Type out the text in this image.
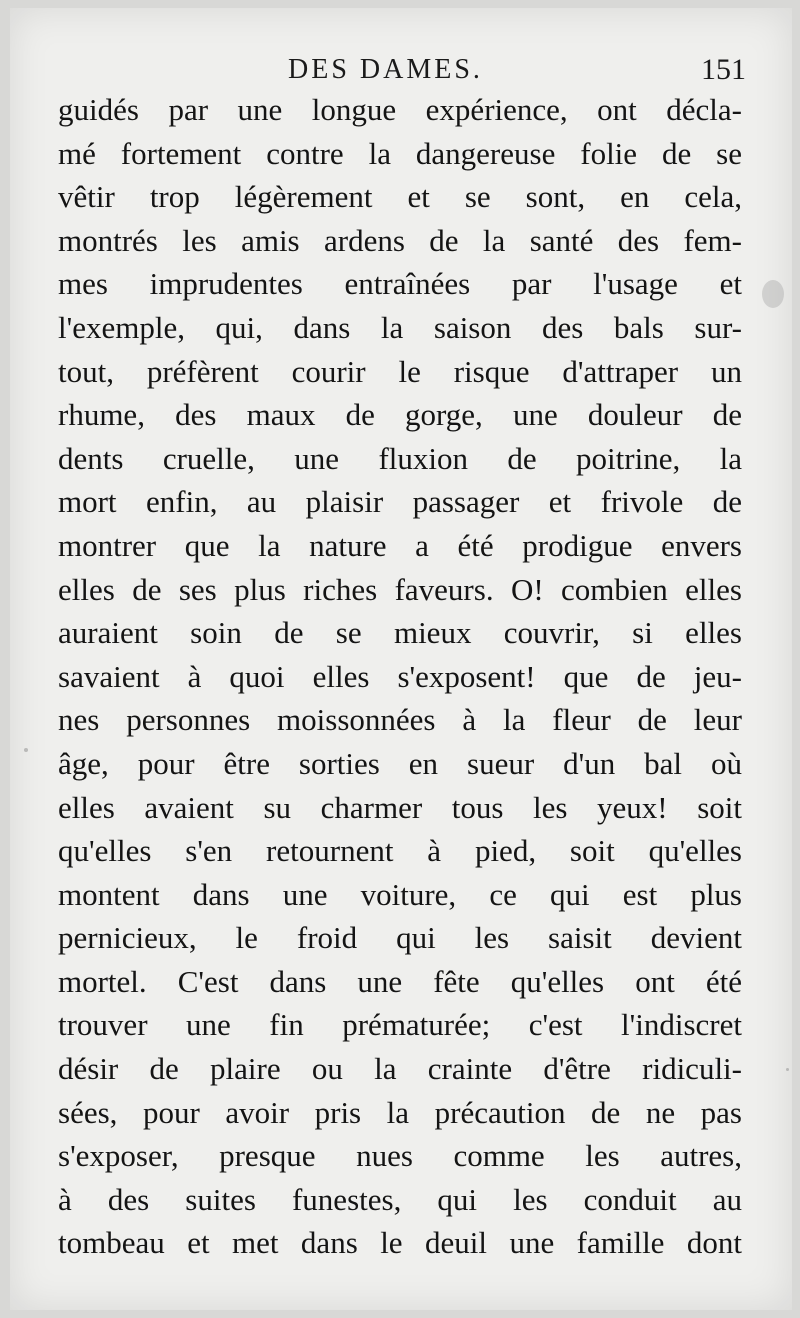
DES DAMES.	151
guidés par une longue expérience, ont décla-
mé fortement contre la dangereuse folie de se
vêtir trop légèrement et se sont, en cela,
montrés les amis ardens de la santé des fem-
mes imprudentes entraînées par l'usage et
l'exemple, qui, dans la saison des bals sur-
tout, préfèrent courir le risque d'attraper un
rhume, des maux de gorge, une douleur de
dents cruelle, une fluxion de poitrine, la
mort enfin, au plaisir passager et frivole de
montrer que la nature a été prodigue envers
elles de ses plus riches faveurs. O! combien elles
auraient soin de se mieux couvrir, si elles
savaient à quoi elles s'exposent! que de jeu-
nes personnes moissonnées à la fleur de leur
âge, pour être sorties en sueur d'un bal où
elles avaient su charmer tous les yeux! soit
qu'elles s'en retournent à pied, soit qu'elles
montent dans une voiture, ce qui est plus
pernicieux, le froid qui les saisit devient
mortel. C'est dans une fête qu'elles ont été
trouver une fin prématurée; c'est l'indiscret
désir de plaire ou la crainte d'être ridiculi-
sées, pour avoir pris la précaution de ne pas
s'exposer, presque nues comme les autres,
à des suites funestes, qui les conduit au
tombeau et met dans le deuil une famille dont
